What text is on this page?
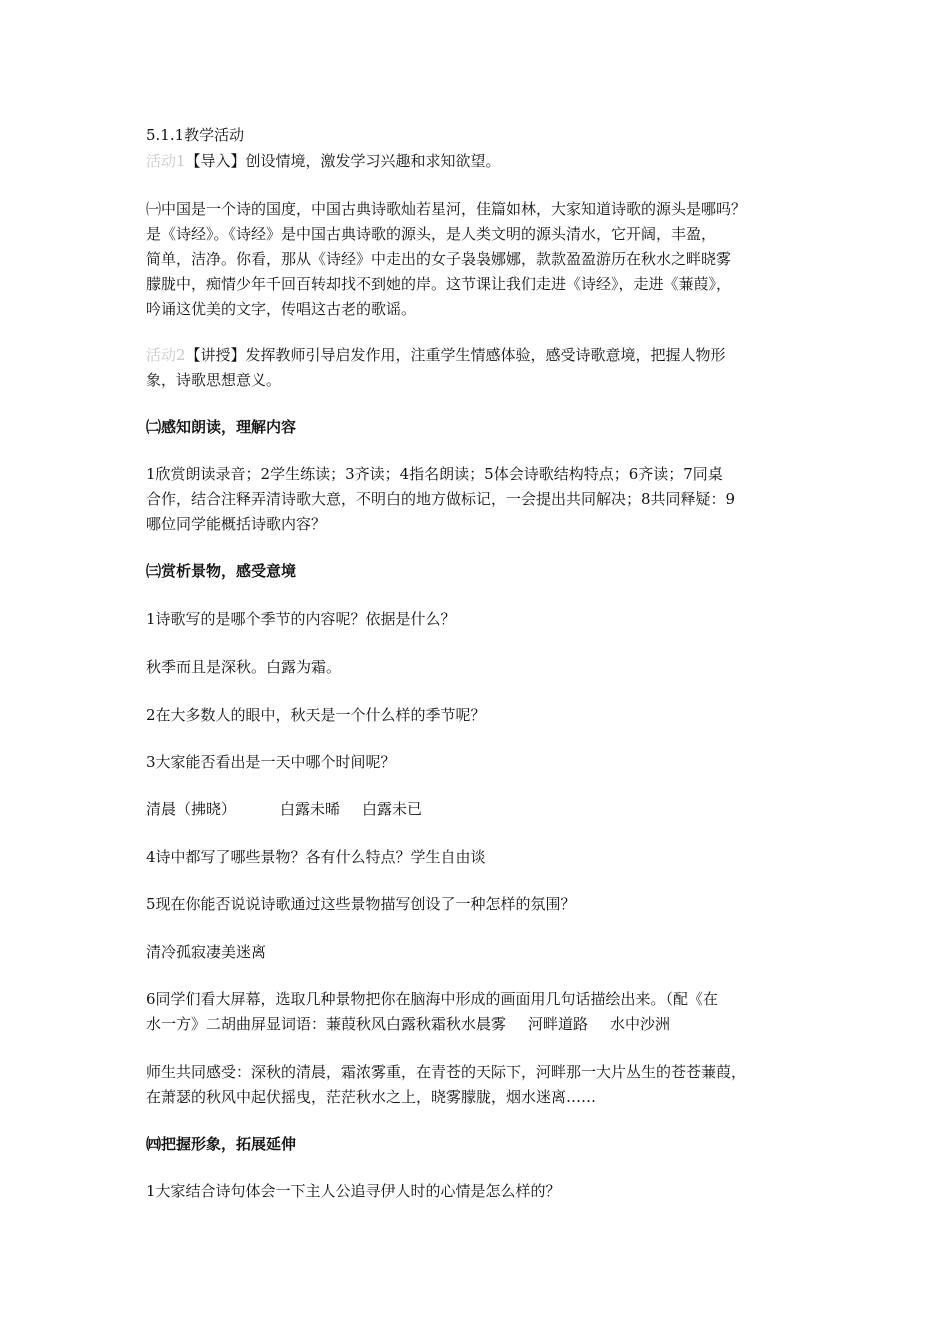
5.1.1教学活动
活动1【导入】创设情境，激发学习兴趣和求知欲望。
㈠中国是一个诗的国度，中国古典诗歌灿若星河，佳篇如林，大家知道诗歌的源头是哪吗？
是《诗经》。《诗经》是中国古典诗歌的源头，是人类文明的源头清水，它开阔，丰盈，
简单，洁净。你看，那从《诗经》中走出的女子袅袅娜娜，款款盈盈游历在秋水之畔晓雾
朦胧中，痴情少年千回百转却找不到她的岸。这节课让我们走进《诗经》，走进《蒹葭》，
吟诵这优美的文字，传唱这古老的歌谣。
活动2【讲授】发挥教师引导启发作用，注重学生情感体验，感受诗歌意境，把握人物形
象，诗歌思想意义。
㈡感知朗读，理解内容
1欣赏朗读录音；2学生练读；3齐读；4指名朗读；5体会诗歌结构特点；6齐读；7同桌
合作，结合注释弄清诗歌大意，不明白的地方做标记，一会提出共同解决；8共同释疑：9
哪位同学能概括诗歌内容？
㈢赏析景物，感受意境
1诗歌写的是哪个季节的内容呢？依据是什么？
秋季而且是深秋。白露为霜。
2在大多数人的眼中，秋天是一个什么样的季节呢？
3大家能否看出是一天中哪个时间呢？
清晨（拂晓）	白露未晞 白露未已
4诗中都写了哪些景物？各有什么特点？学生自由谈
5现在你能否说说诗歌通过这些景物描写创设了一种怎样的氛围？
清冷孤寂凄美迷离
6同学们看大屏幕，选取几种景物把你在脑海中形成的画面用几句话描绘出来。（配《在
水一方》二胡曲屏显词语：蒹葭秋风白露秋霜秋水晨雾 河畔道路 水中沙洲
师生共同感受：深秋的清晨，霜浓雾重，在青苍的天际下，河畔那一大片丛生的苍苍蒹葭，
在萧瑟的秋风中起伏摇曳，茫茫秋水之上，晓雾朦胧，烟水迷离……
㈣把握形象，拓展延伸
1大家结合诗句体会一下主人公追寻伊人时的心情是怎么样的？
